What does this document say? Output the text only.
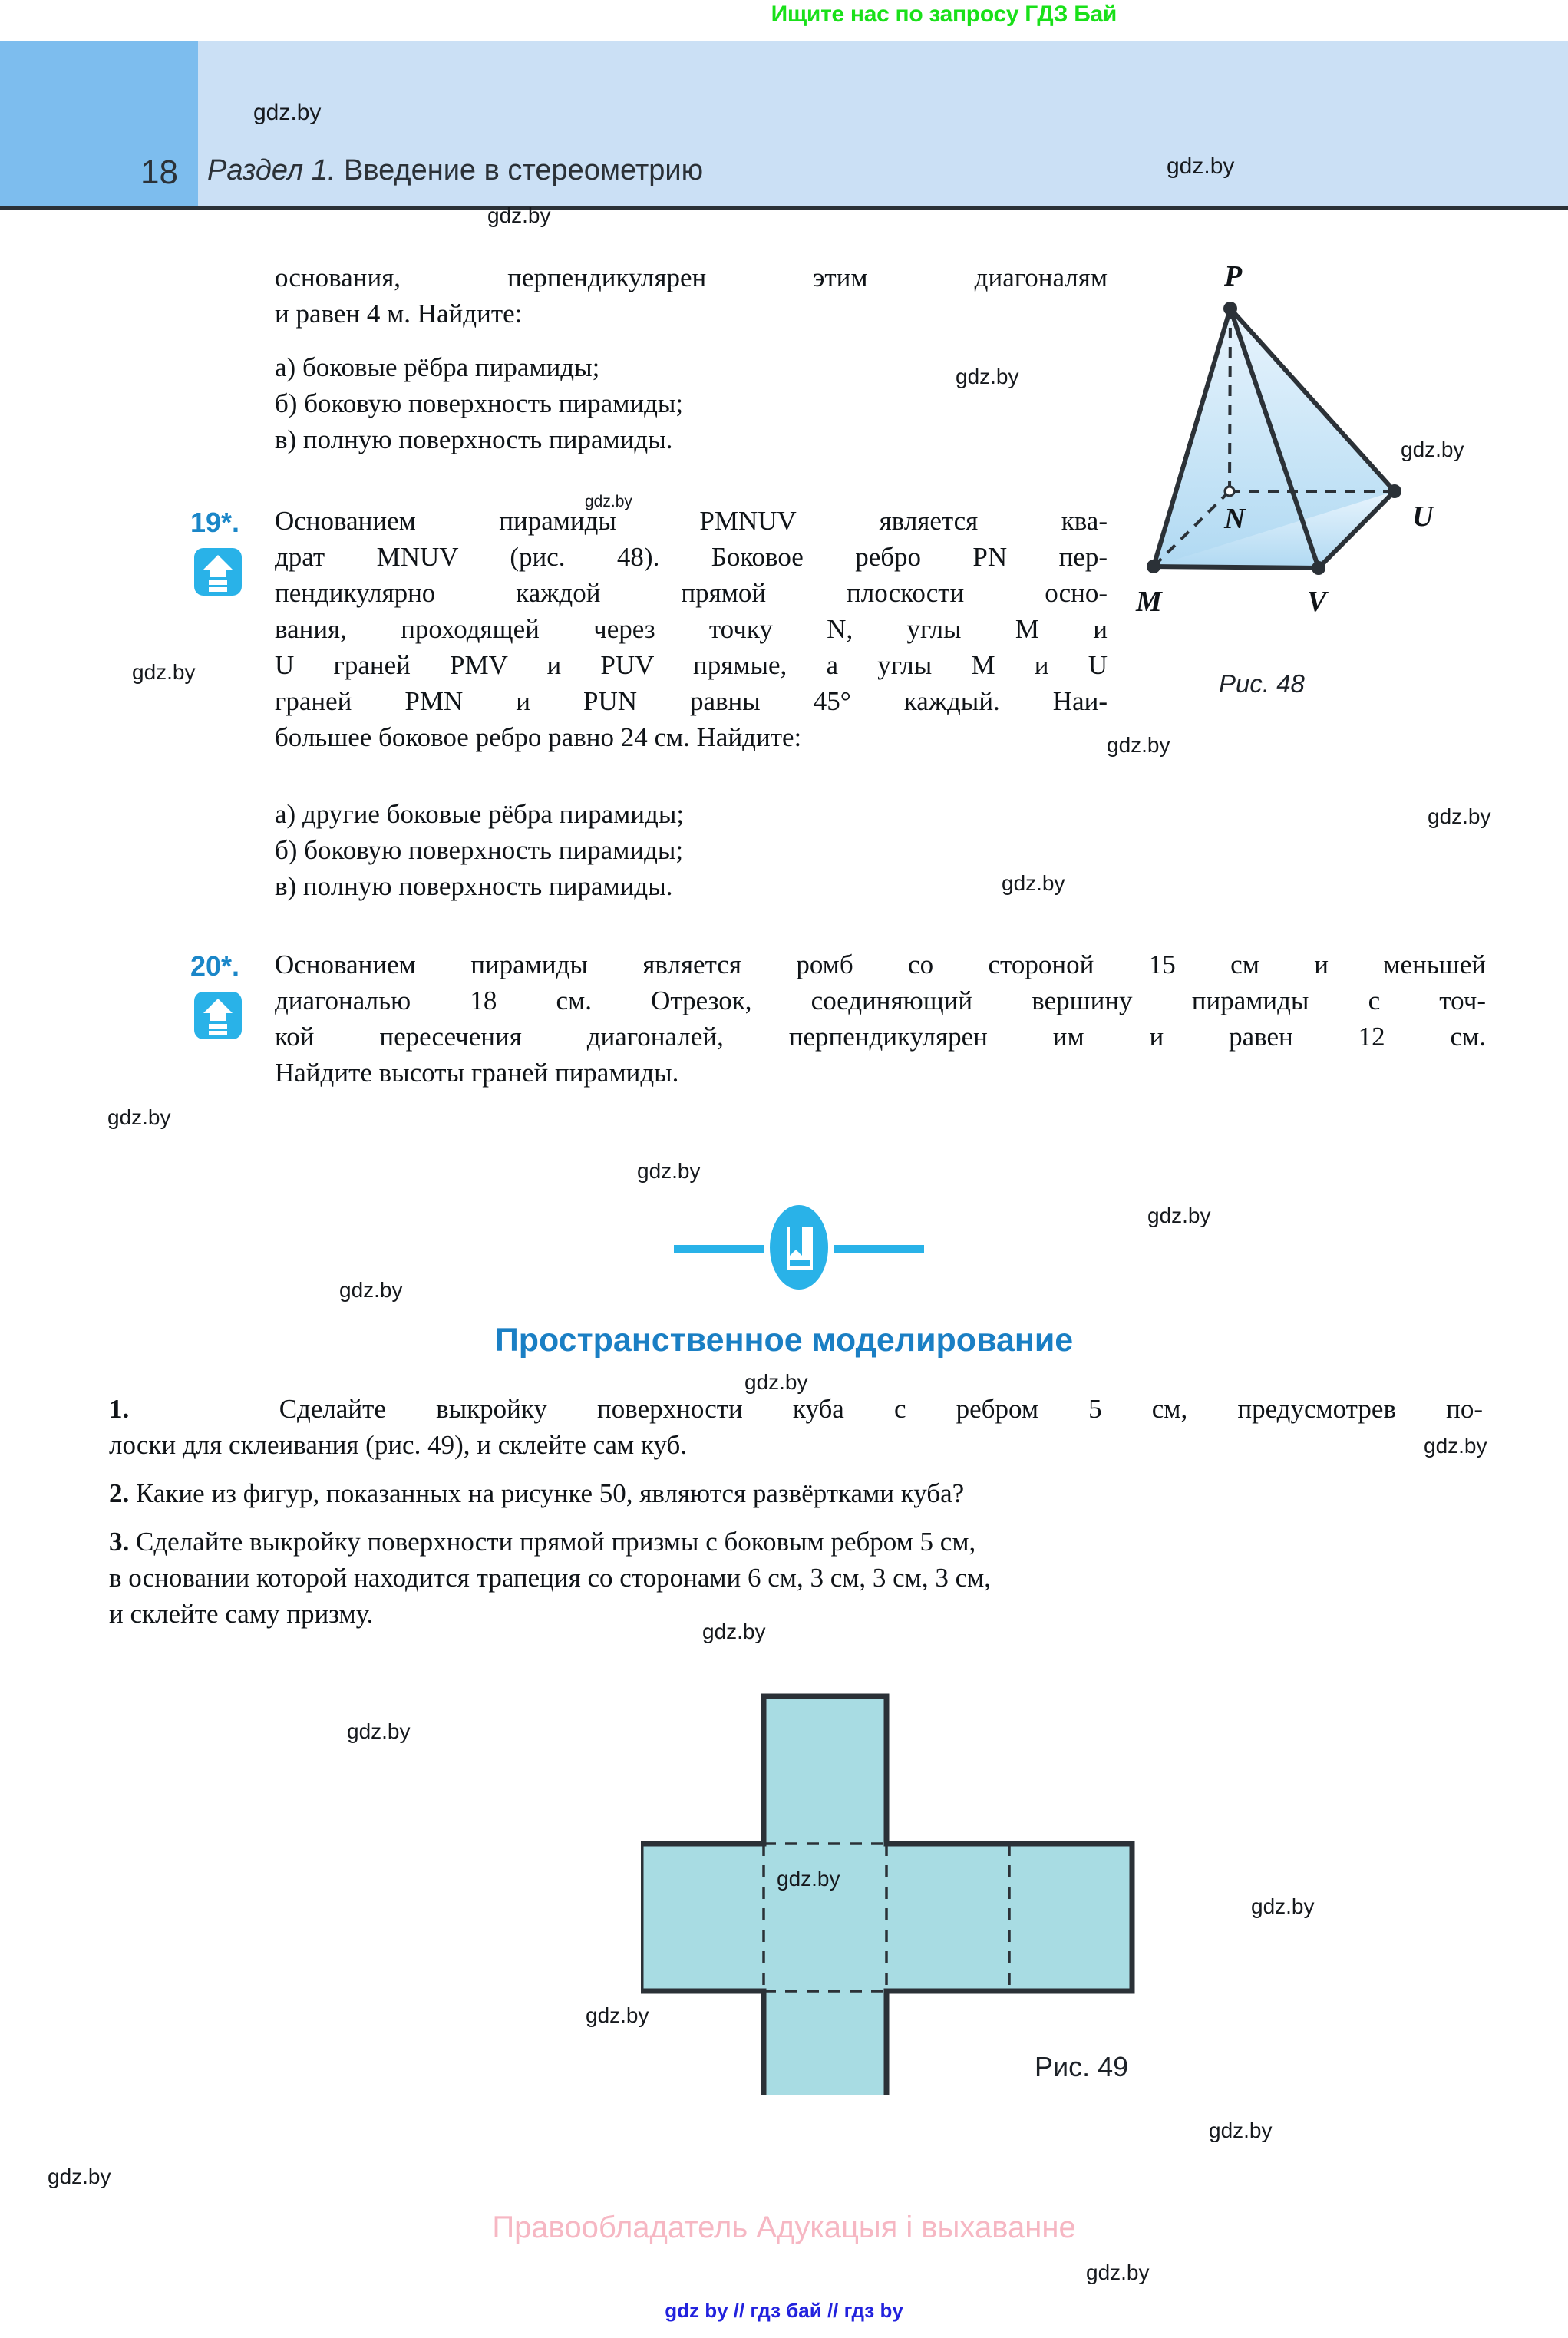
Ищите нас по запросу ГДЗ Бай
18 Раздел 1. Введение в стереометрию
основания, перпендикулярен этим диагоналям
и равен 4 м. Найдите:
а) боковые рёбра пирамиды;
б) боковую поверхность пирамиды;
в) полную поверхность пирамиды.
19*. Основанием пирамиды PMNUV является ква-
драт MNUV (рис. 48). Боковое ребро PN пер-
пендикулярно каждой прямой плоскости осно-
вания, проходящей через точку N, углы M и
U граней PMV и PUV прямые, а углы M и U
граней PMN и PUN равны 45° каждый. Наи-
большее боковое ребро равно 24 см. Найдите:
а) другие боковые рёбра пирамиды;
б) боковую поверхность пирамиды;
в) полную поверхность пирамиды.
20*. Основанием пирамиды является ромб со стороной 15 см и меньшей
диагональю 18 см. Отрезок, соединяющий вершину пирамиды с точ-
кой пересечения диагоналей, перпендикулярен им и равен 12 см.
Найдите высоты граней пирамиды.
P
N
M	V
U
Рис. 48
Пространственное моделирование
1.	Сделайте выкройку поверхности куба с ребром 5 см, предусмотрев по-
лоски для склеивания (рис. 49), и склейте сам куб.
2. Какие из фигур, показанных на рисунке 50, являются развёртками куба?
3. Сделайте выкройку поверхности прямой призмы с боковым ребром 5 см,
в основании которой находится трапеция со сторонами 6 см, 3 см, 3 см, 3 см,
и склейте саму призму.
Рис. 49
Правообладатель Адукацыя і выхаванне
gdz by // гдз бай // гдз by
gdz.by
gdz.by
gdz.by
gdz.by
gdz.by
gdz.by
gdz.by
gdz.by
gdz.by
gdz.by
gdz.by
gdz.by
gdz.by
gdz.by
gdz.by
gdz.by
gdz.by
gdz.by
gdz.by
gdz.by
gdz.by
gdz.by
gdz.by
gdz.by
